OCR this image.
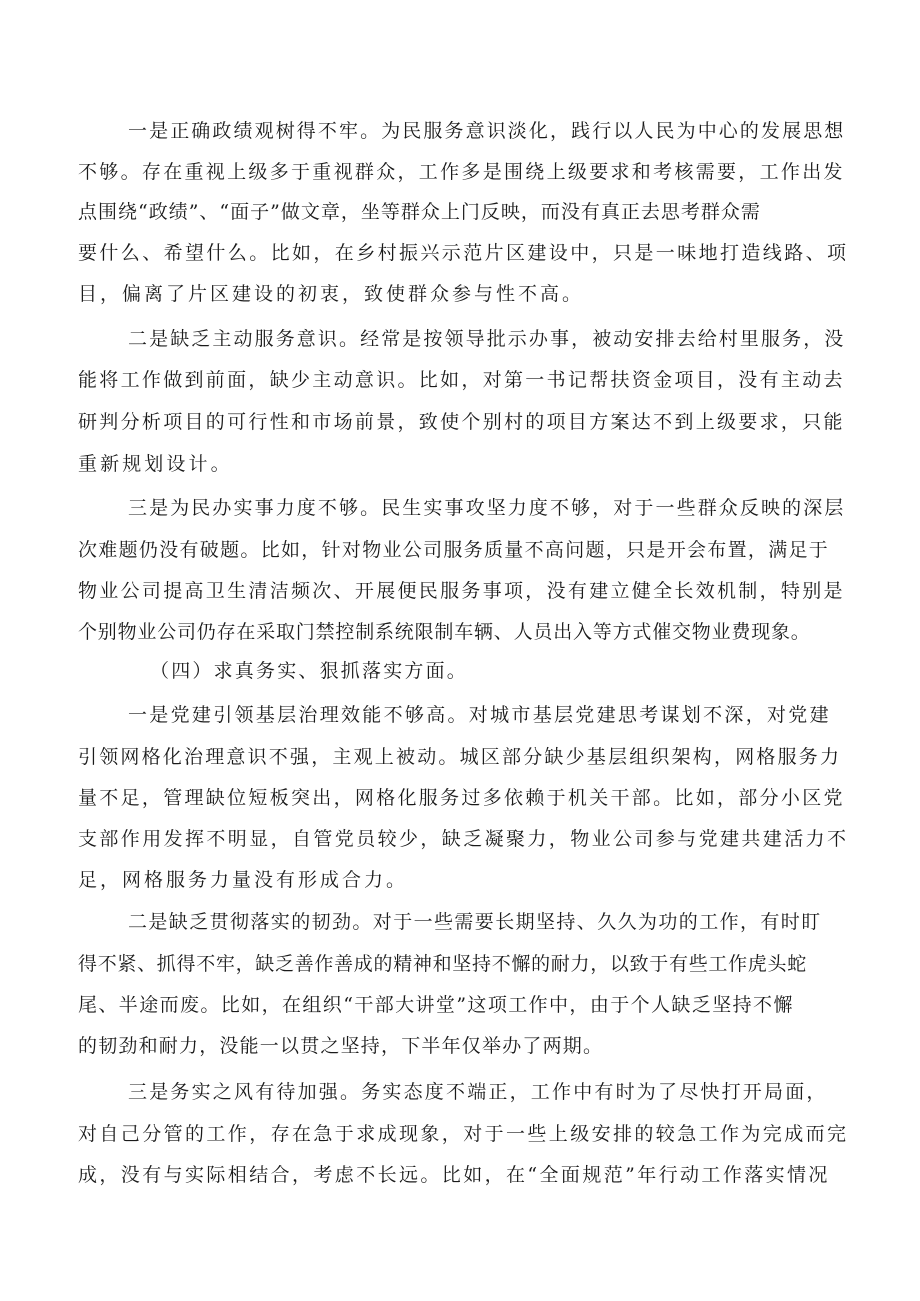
一是正确政绩观树得不牢。为民服务意识淡化，践行以人民为中心的发展思想
不够。存在重视上级多于重视群众，工作多是围绕上级要求和考核需要，工作出发
点围绕“政绩”、“面子”做文章，坐等群众上门反映，而没有真正去思考群众需
要什么、希望什么。比如，在乡村振兴示范片区建设中，只是一味地打造线路、项
目，偏离了片区建设的初衷，致使群众参与性不高。
二是缺乏主动服务意识。经常是按领导批示办事，被动安排去给村里服务，没
能将工作做到前面，缺少主动意识。比如，对第一书记帮扶资金项目，没有主动去
研判分析项目的可行性和市场前景，致使个别村的项目方案达不到上级要求，只能
重新规划设计。
三是为民办实事力度不够。民生实事攻坚力度不够，对于一些群众反映的深层
次难题仍没有破题。比如，针对物业公司服务质量不高问题，只是开会布置，满足于
物业公司提高卫生清洁频次、开展便民服务事项，没有建立健全长效机制，特别是
个别物业公司仍存在采取门禁控制系统限制车辆、人员出入等方式催交物业费现象。
（四）求真务实、狠抓落实方面。
一是党建引领基层治理效能不够高。对城市基层党建思考谋划不深，对党建
引领网格化治理意识不强，主观上被动。城区部分缺少基层组织架构，网格服务力
量不足，管理缺位短板突出，网格化服务过多依赖于机关干部。比如，部分小区党
支部作用发挥不明显，自管党员较少，缺乏凝聚力，物业公司参与党建共建活力不
足，网格服务力量没有形成合力。
二是缺乏贯彻落实的韧劲。对于一些需要长期坚持、久久为功的工作，有时盯
得不紧、抓得不牢，缺乏善作善成的精神和坚持不懈的耐力，以致于有些工作虎头蛇
尾、半途而废。比如，在组织“干部大讲堂”这项工作中，由于个人缺乏坚持不懈
的韧劲和耐力，没能一以贯之坚持，下半年仅举办了两期。
三是务实之风有待加强。务实态度不端正，工作中有时为了尽快打开局面，
对自己分管的工作，存在急于求成现象，对于一些上级安排的较急工作为完成而完
成，没有与实际相结合，考虑不长远。比如，在“全面规范”年行动工作落实情况
